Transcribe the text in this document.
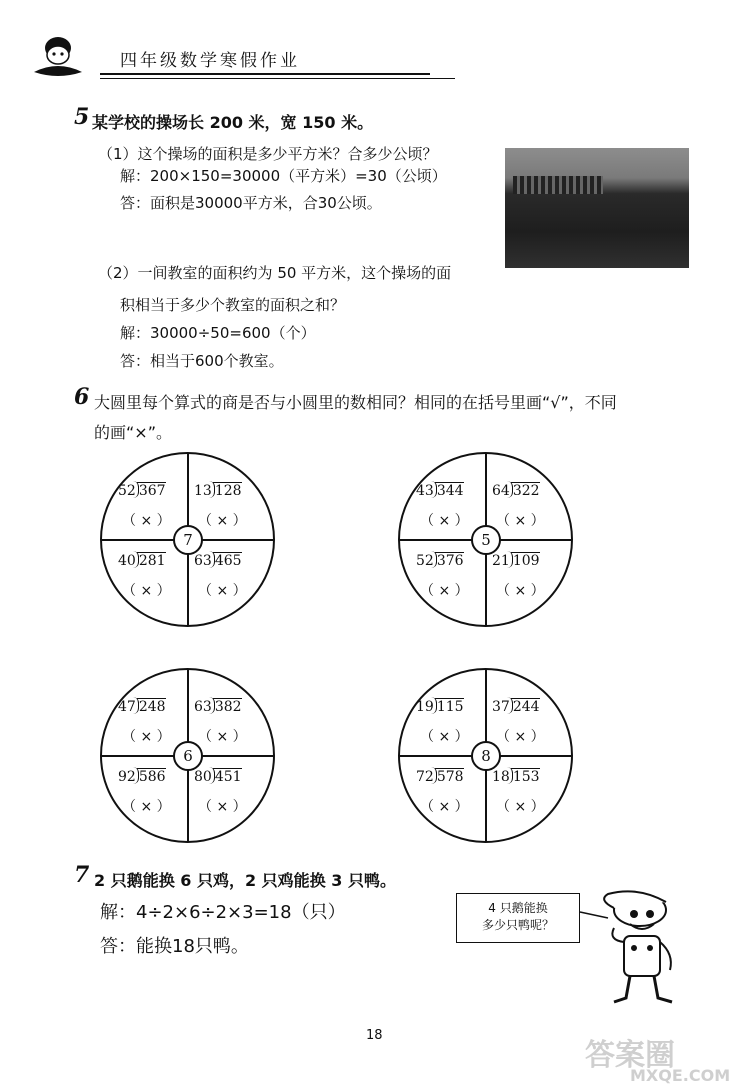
四年级数学寒假作业
5 某学校的操场长 200 米，宽 150 米。
（1）这个操场的面积是多少平方米？合多少公顷？
解：200×150=30000（平方米）=30（公顷）
答：面积是30000平方米，合30公顷。
（2）一间教室的面积约为 50 平方米，这个操场的面
积相当于多少个教室的面积之和？
解：30000÷50=600（个）
答：相当于600个教室。
6 大圆里每个算式的商是否与小圆里的数相同？相同的在括号里画“√”，不同
的画“×”。
52 367
（ × ）
13 128
（ × ）
40 281
（ × ）
63 465
（ × ）
7
43 344
（ × ）
64 322
（ × ）
52 376
（ × ）
21 109
（ × ）
5
47 248
（ × ）
63 382
（ × ）
92 586
（ × ）
80 451
（ × ）
6
19 115
（ × ）
37 244
（ × ）
72 578
（ × ）
18 153
（ × ）
8
7 2 只鹅能换 6 只鸡，2 只鸡能换 3 只鸭。
解：4÷2×6÷2×3=18（只）
答：能换18只鸭。
4 只鹅能换
多少只鸭呢？
18
答案圈
MXQE.COM
